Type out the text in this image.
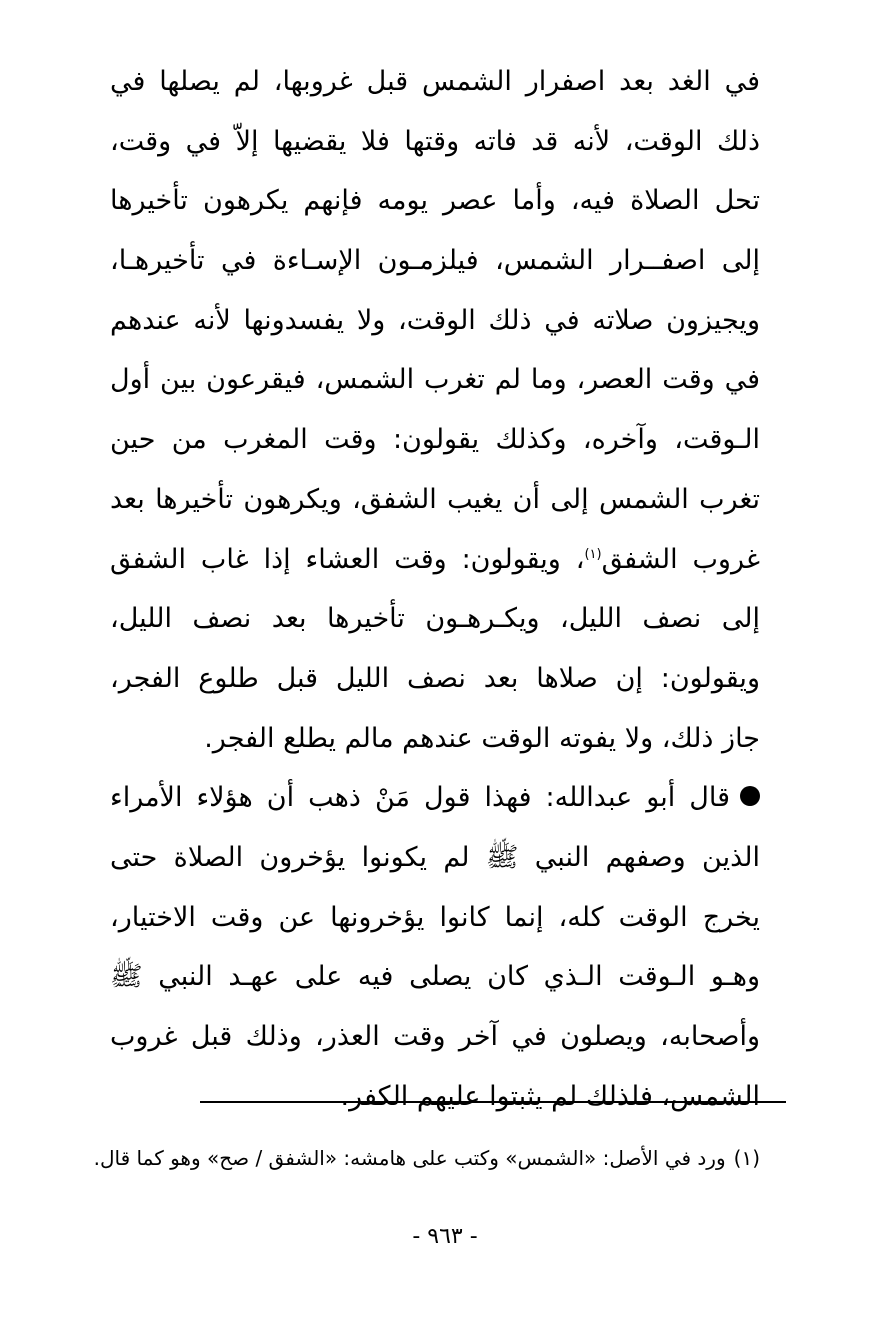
في الغد بعد اصفرار الشمس قبل غروبها، لم يصلها في
ذلك الوقت، لأنه قد فاته وقتها فلا يقضيها إلاّ في وقت،
تحل الصلاة فيه، وأما عصر يومه فإنهم يكرهون تأخيرها
إلى اصفــرار الشمس، فيلزمـون الإسـاءة في تأخيرهـا،
ويجيزون صلاته في ذلك الوقت، ولا يفسدونها لأنه عندهم
في وقت العصر، وما لم تغرب الشمس، فيقرعون بين أول
الـوقت، وآخره، وكذلك يقولون: وقت المغرب من حين
تغرب الشمس إلى أن يغيب الشفق، ويكرهون تأخيرها بعد
غروب الشفق$^{(١)}$، ويقولون: وقت العشاء إذا غاب الشفق
إلى نصف الليل، ويكـرهـون تأخيرها بعد نصف الليل،
ويقولون: إن صلاها بعد نصف الليل قبل طلوع الفجر،
جاز ذلك، ولا يفوته الوقت عندهم مالم يطلع الفجر.
قال أبو عبدالله: فهذا قول مَنْ ذهب أن هؤلاء الأمراء
الذين وصفهم النبي ﷺ لم يكونوا يؤخرون الصلاة حتى
يخرج الوقت كله، إنما كانوا يؤخرونها عن وقت الاختيار،
وهـو الـوقت الـذي كان يصلى فيه على عهـد النبي ﷺ
وأصحابه، ويصلون في آخر وقت العذر، وذلك قبل غروب
الشمس، فلذلك لم يثبتوا عليهم الكفر.
(١)ورد في الأصل: «الشمس» وكتب على هامشه: «الشفق / صح» وهو كما قال.
- ٩٦٣ -
